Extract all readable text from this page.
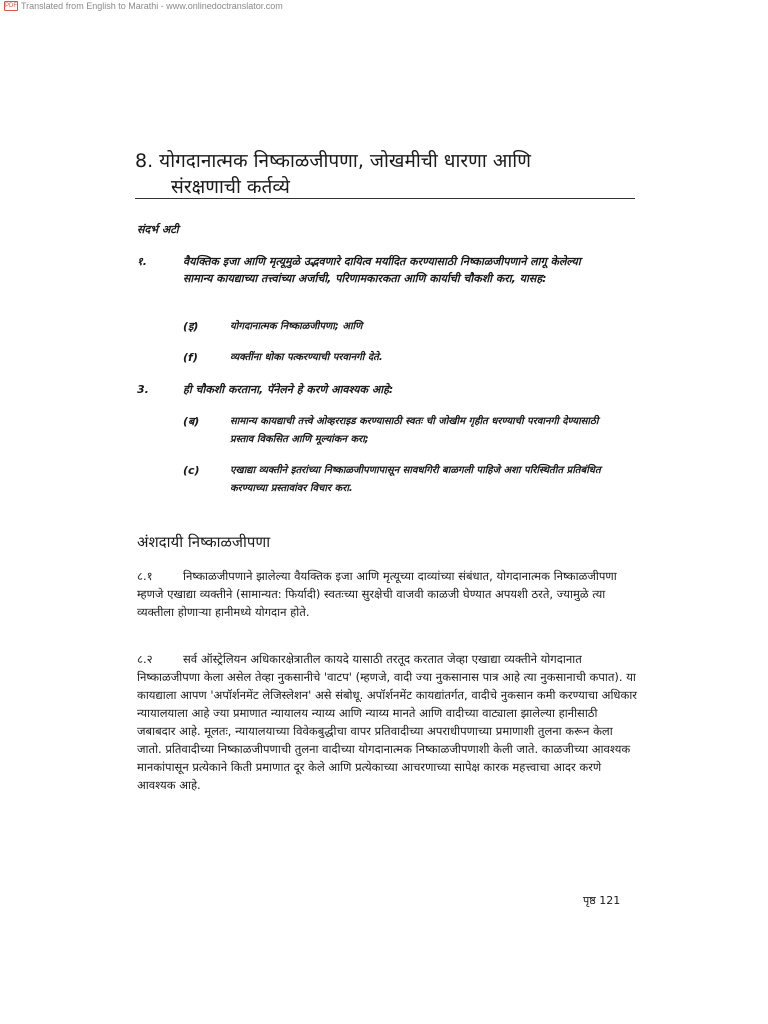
PDF Translated from English to Marathi - www.onlinedoctranslator.com
8. योगदानात्मक निष्काळजीपणा, जोखमीची धारणा आणि
संरक्षणाची कर्तव्ये
संदर्भ अटी
१.	वैयक्तिक इजा आणि मृत्यूमुळे उद्भवणारे दायित्व मर्यादित करण्यासाठी निष्काळजीपणाने लागू केलेल्या सामान्य कायद्याच्या तत्त्वांच्या अर्जाची, परिणामकारकता आणि कार्याची चौकशी करा, यासह:
(इ)	योगदानात्मक निष्काळजीपणा; आणि
(f)	व्यक्तींना धोका पत्करण्याची परवानगी देते.
3.	ही चौकशी करताना, पॅनेलने हे करणे आवश्यक आहे:
(ब)	सामान्य कायद्याची तत्त्वे ओव्हरराइड करण्यासाठी स्वतः ची जोखीम गृहीत धरण्याची परवानगी देण्यासाठी प्रस्ताव विकसित आणि मूल्यांकन करा;
(c)	एखाद्या व्यक्तीने इतरांच्या निष्काळजीपणापासून सावधगिरी बाळगली पाहिजे अशा परिस्थितीत प्रतिबंधित करण्याच्या प्रस्तावांवर विचार करा.
अंशदायी निष्काळजीपणा
८.१	निष्काळजीपणाने झालेल्या वैयक्तिक इजा आणि मृत्यूच्या दाव्यांच्या संबंधात, योगदानात्मक निष्काळजीपणा म्हणजे एखाद्या व्यक्तीने (सामान्यत: फिर्यादी) स्वतःच्या सुरक्षेची वाजवी काळजी घेण्यात अपयशी ठरते, ज्यामुळे त्या व्यक्तीला होणाऱ्या हानीमध्ये योगदान होते.
८.२	सर्व ऑस्ट्रेलियन अधिकारक्षेत्रातील कायदे यासाठी तरतूद करतात जेव्हा एखाद्या व्यक्तीने योगदानात निष्काळजीपणा केला असेल तेव्हा नुकसानीचे 'वाटप' (म्हणजे, वादी ज्या नुकसानास पात्र आहे त्या नुकसानाची कपात). या कायद्याला आपण 'अपॉर्शनमेंट लेजिस्लेशन' असे संबोधू. अपॉर्शनमेंट कायद्यांतर्गत, वादीचे नुकसान कमी करण्याचा अधिकार न्यायालयाला आहे ज्या प्रमाणात न्यायालय न्याय्य आणि न्याय्य मानते आणि वादीच्या वाट्याला झालेल्या हानीसाठी जबाबदार आहे. मूलतः, न्यायालयाच्या विवेकबुद्धीचा वापर प्रतिवादीच्या अपराधीपणाच्या प्रमाणाशी तुलना करून केला जातो. प्रतिवादीच्या निष्काळजीपणाची तुलना वादीच्या योगदानात्मक निष्काळजीपणाशी केली जाते. काळजीच्या आवश्यक मानकांपासून प्रत्येकाने किती प्रमाणात दूर केले आणि प्रत्येकाच्या आचरणाच्या सापेक्ष कारक महत्त्वाचा आदर करणे आवश्यक आहे.
पृष्ठ 121
